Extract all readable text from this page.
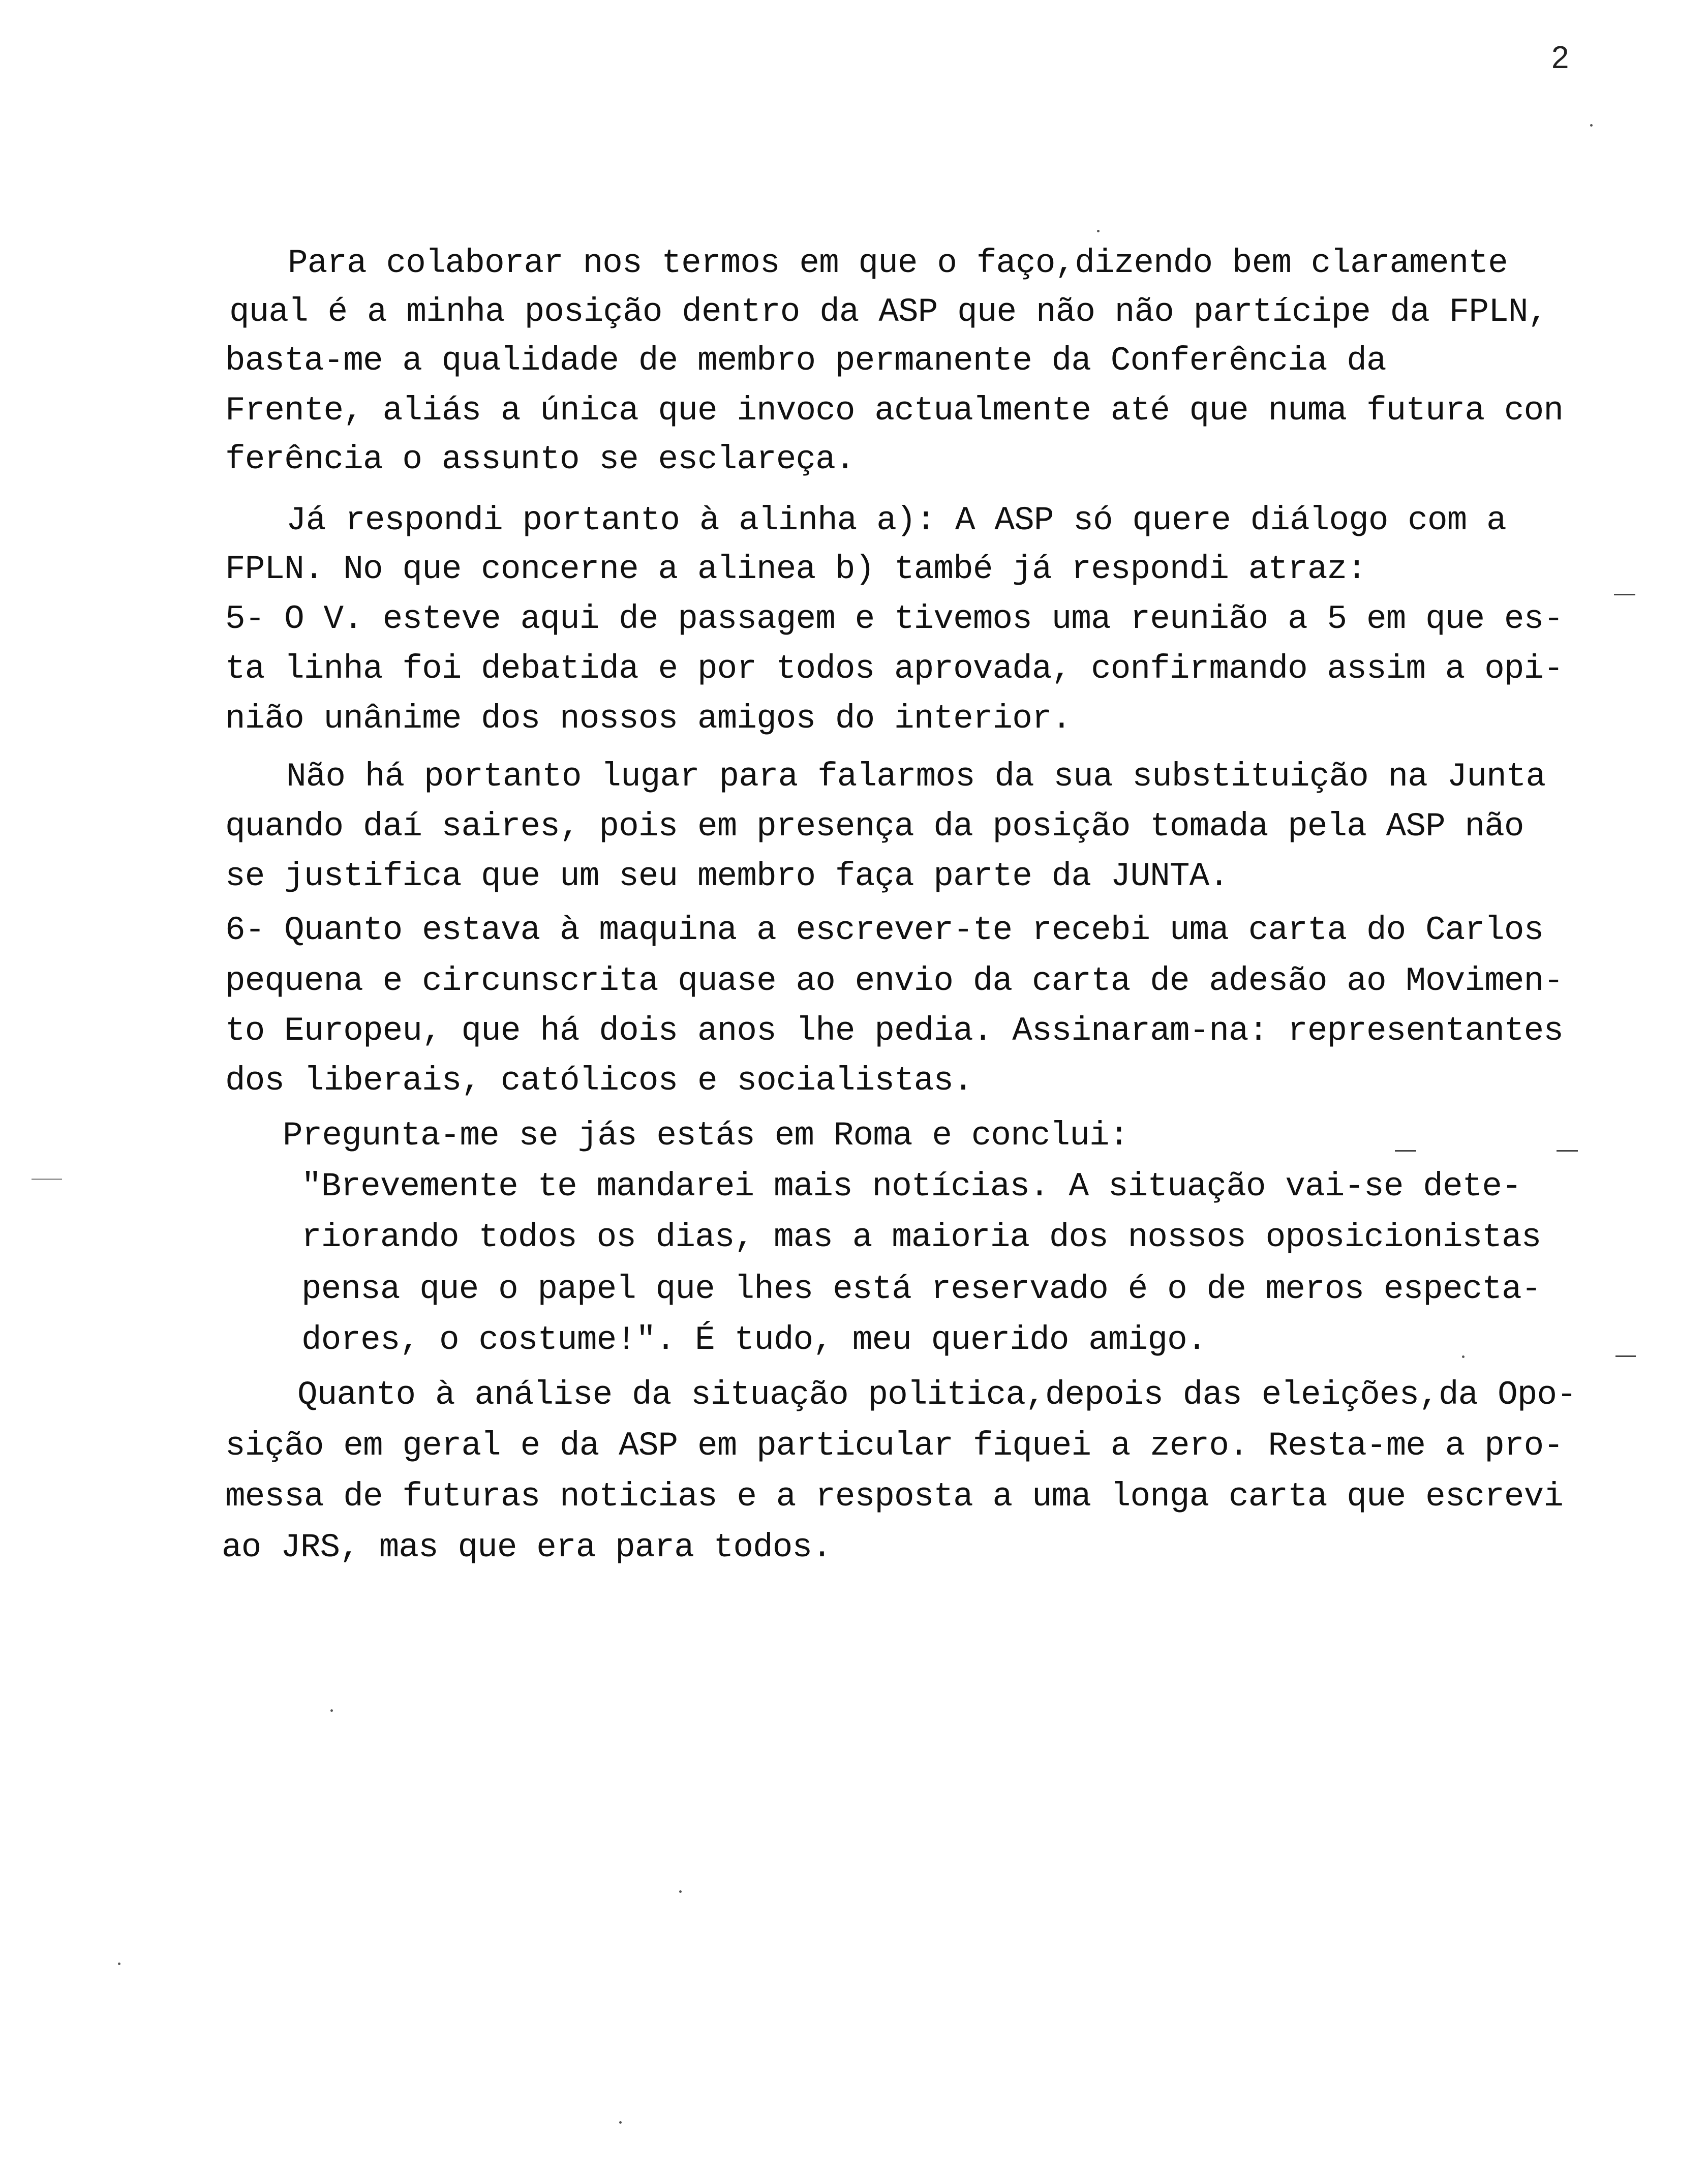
2
Para colaborar nos termos em que o faço,dizendo bem claramente
qual é a minha posição dentro da ASP que não não partícipe da FPLN,
basta-me a qualidade de membro permanente da Conferência da
Frente, aliás a única que invoco actualmente até que numa futura con
ferência o assunto se esclareça.
Já respondi portanto à alinha a): A ASP só quere diálogo com a
FPLN. No que concerne a alinea b) també já respondi atraz:
5- O V. esteve aqui de passagem e tivemos uma reunião a 5 em que es-
ta linha foi debatida e por todos aprovada, confirmando assim a opi-
nião unânime dos nossos amigos do interior.
Não há portanto lugar para falarmos da sua substituição na Junta
quando daí saires, pois em presença da posição tomada pela ASP não
se justifica que um seu membro faça parte da JUNTA.
6- Quanto estava à maquina a escrever-te recebi uma carta do Carlos
pequena e circunscrita quase ao envio da carta de adesão ao Movimen-
to Europeu, que há dois anos lhe pedia. Assinaram-na: representantes
dos liberais, católicos e socialistas.
Pregunta-me se jás estás em Roma e conclui:
"Brevemente te mandarei mais notícias. A situação vai-se dete-
riorando todos os dias, mas a maioria dos nossos oposicionistas
pensa que o papel que lhes está reservado é o de meros especta-
dores, o costume!". É tudo, meu querido amigo.
Quanto à análise da situação politica,depois das eleições,da Opo-
sição em geral e da ASP em particular fiquei a zero. Resta-me a pro-
messa de futuras noticias e a resposta a uma longa carta que escrevi
ao JRS, mas que era para todos.
